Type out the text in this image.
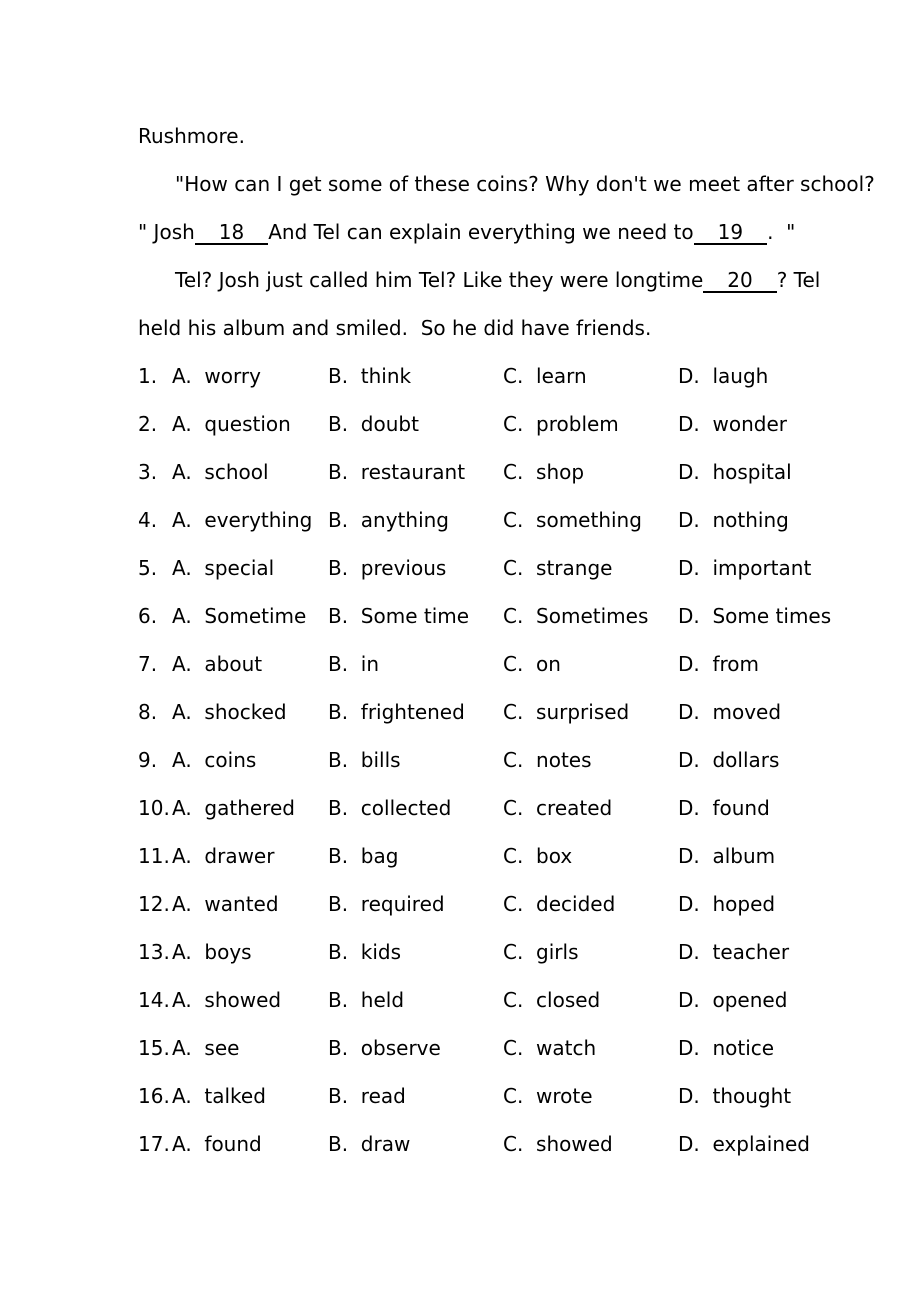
Rushmore.
"How can I get some of these coins? Why don't we meet after school?
" Josh 18 And Tel can explain everything we need to 19 .  "
Tel? Josh just called him Tel? Like they were longtime 20 ? Tel
held his album and smiled.  So he did have friends.
1. A.  worry	B.  think	C.  learn	D.  laugh
2. A.  question	B.  doubt	C.  problem	D.  wonder
3. A.  school	B.  restaurant	C.  shop	D.  hospital
4. A.  everything B.  anything	C.  something	D.  nothing
5. A.  special	B.  previous	C.  strange	D.  important
6. A.  Sometime	B.  Some time	C.  Sometimes	D.  Some times
7. A.  about	B.  in	C.  on	D.  from
8. A.  shocked	B.  frightened	C.  surprised	D.  moved
9. A.  coins	B.  bills	C.  notes	D.  dollars
10. A.  gathered	B.  collected	C.  created	D.  found
11. A.  drawer	B.  bag	C.  box	D.  album
12. A.  wanted	B.  required	C.  decided	D.  hoped
13. A.  boys	B.  kids	C.  girls	D.  teacher
14. A.  showed	B.  held	C.  closed	D.  opened
15. A.  see	B.  observe	C.  watch	D.  notice
16. A.  talked	B.  read	C.  wrote	D.  thought
17. A.  found	B.  draw	C.  showed	D.  explained
